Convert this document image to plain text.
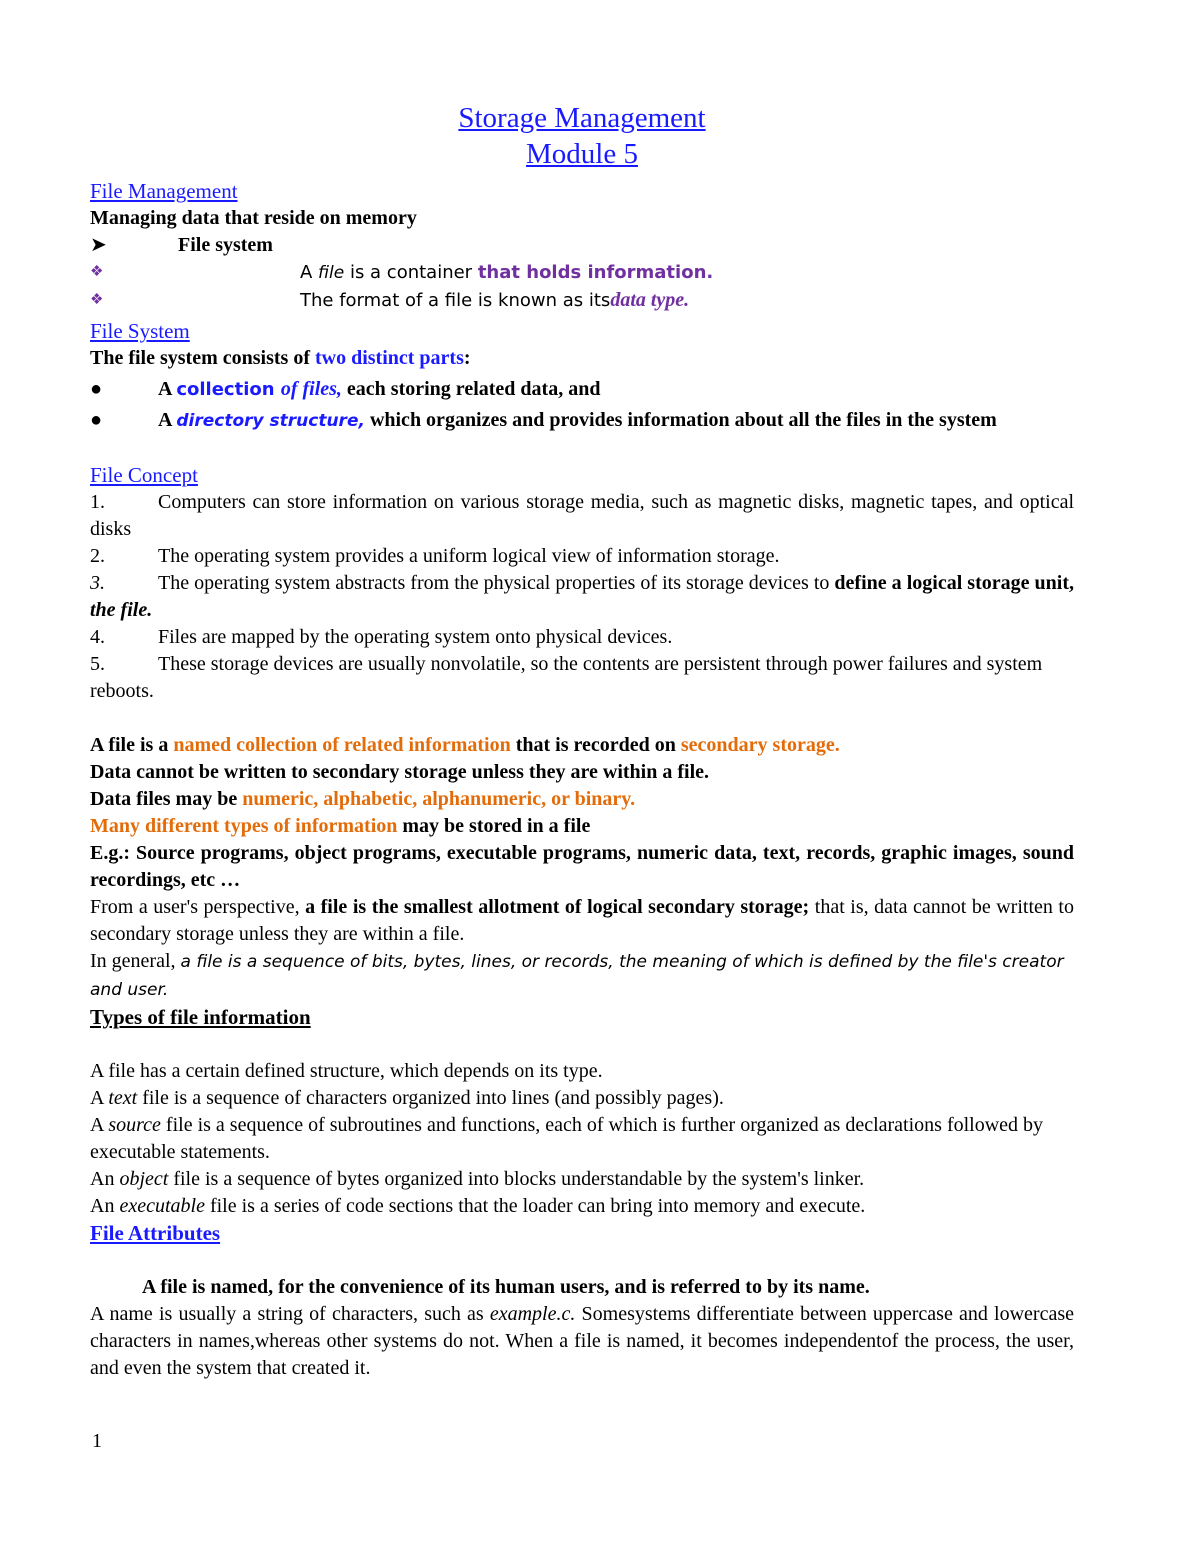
Storage Management
Module 5
File Management

Managing data that reside on memory

➤	File system
❖	A file is a container that holds information.
❖	The format of a file is known as itsdata type.
File System

The file system consists of two distinct parts:

●	A collection of files, each storing related data, and
●	A directory structure, which organizes and provides information about all the files in the system

File Concept

1.	Computers can store information on various storage media, such as magnetic disks, magnetic tapes, and optical disks

2.	The operating system provides a uniform logical view of information storage.

3.	The operating system abstracts from the physical properties of its storage devices to define a logical storage unit, the file.

4.	Files are mapped by the operating system onto physical devices.

5.	These storage devices are usually nonvolatile, so the contents are persistent through power failures and system reboots.

A file is a named collection of related information that is recorded on secondary storage.

Data cannot be written to secondary storage unless they are within a file.

Data files may be numeric, alphabetic, alphanumeric, or binary.

Many different types of information may be stored in a file

E.g.: Source programs, object programs, executable programs, numeric data, text, records, graphic images, sound recordings, etc …

From a user's perspective, a file is the smallest allotment of logical secondary storage; that is, data cannot be written to secondary storage unless they are within a file.

In general, a file is a sequence of bits, bytes, lines, or records, the meaning of which is defined by the file's creator and user.

Types of file information

A file has a certain defined structure, which depends on its type.

A text file is a sequence of characters organized into lines (and possibly pages).

A source file is a sequence of subroutines and functions, each of which is further organized as declarations followed by executable statements.

An object file is a sequence of bytes organized into blocks understandable by the system's linker.

An executable file is a series of code sections that the loader can bring into memory and execute.

File Attributes

A file is named, for the convenience of its human users, and is referred to by its name.

A name is usually a string of characters, such as example.c. Somesystems differentiate between uppercase and lowercase characters in names,whereas other systems do not. When a file is named, it becomes independentof the process, the user, and even the system that created it.

1
